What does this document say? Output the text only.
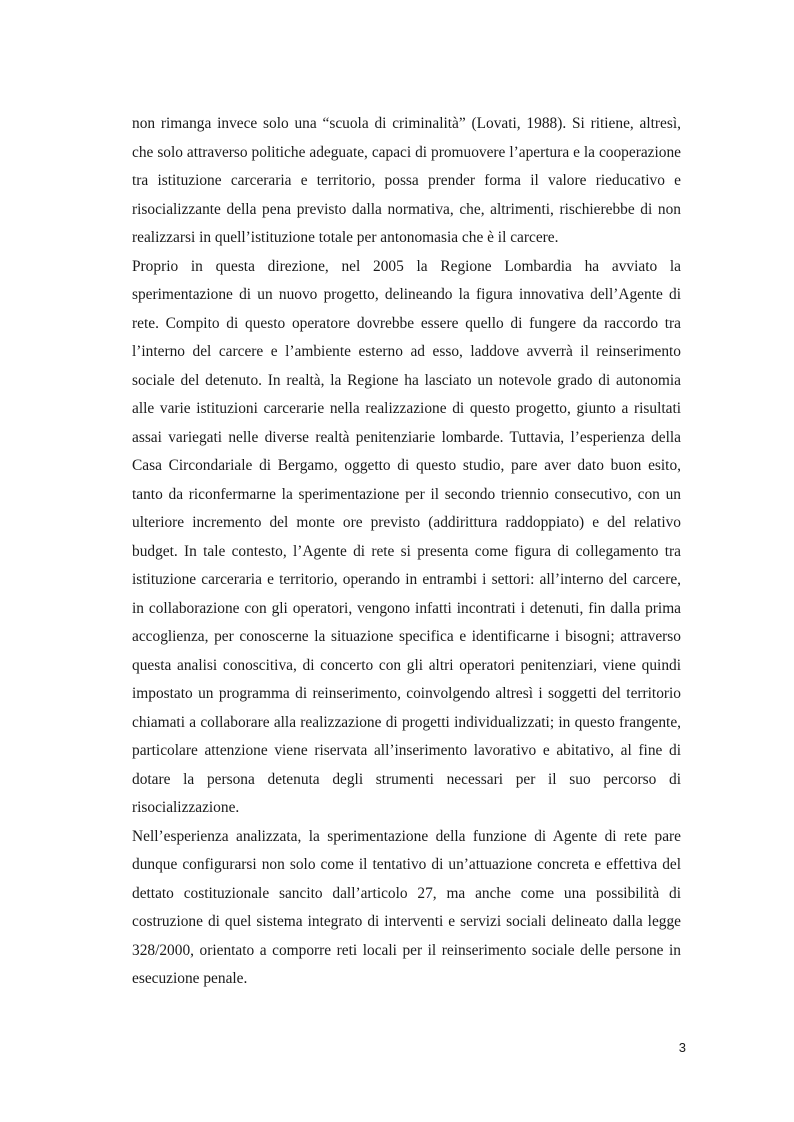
non rimanga invece solo una “scuola di criminalità” (Lovati, 1988). Si ritiene, altresì, che solo attraverso politiche adeguate, capaci di promuovere l’apertura e la cooperazione tra istituzione carceraria e territorio, possa prender forma il valore rieducativo e risocializzante della pena previsto dalla normativa, che, altrimenti, rischierebbe di non realizzarsi in quell’istituzione totale per antonomasia che è il carcere.

Proprio in questa direzione, nel 2005 la Regione Lombardia ha avviato la sperimentazione di un nuovo progetto, delineando la figura innovativa dell’Agente di rete. Compito di questo operatore dovrebbe essere quello di fungere da raccordo tra l’interno del carcere e l’ambiente esterno ad esso, laddove avverrà il reinserimento sociale del detenuto. In realtà, la Regione ha lasciato un notevole grado di autonomia alle varie istituzioni carcerarie nella realizzazione di questo progetto, giunto a risultati assai variegati nelle diverse realtà penitenziarie lombarde. Tuttavia, l’esperienza della Casa Circondariale di Bergamo, oggetto di questo studio, pare aver dato buon esito, tanto da riconfermarne la sperimentazione per il secondo triennio consecutivo, con un ulteriore incremento del monte ore previsto (addirittura raddoppiato) e del relativo budget. In tale contesto, l’Agente di rete si presenta come figura di collegamento tra istituzione carceraria e territorio, operando in entrambi i settori: all’interno del carcere, in collaborazione con gli operatori, vengono infatti incontrati i detenuti, fin dalla prima accoglienza, per conoscerne la situazione specifica e identificarne i bisogni; attraverso questa analisi conoscitiva, di concerto con gli altri operatori penitenziari, viene quindi impostato un programma di reinserimento, coinvolgendo altresì i soggetti del territorio chiamati a collaborare alla realizzazione di progetti individualizzati; in questo frangente, particolare attenzione viene riservata all’inserimento lavorativo e abitativo, al fine di dotare la persona detenuta degli strumenti necessari per il suo percorso di risocializzazione.

Nell’esperienza analizzata, la sperimentazione della funzione di Agente di rete pare dunque configurarsi non solo come il tentativo di un’attuazione concreta e effettiva del dettato costituzionale sancito dall’articolo 27, ma anche come una possibilità di costruzione di quel sistema integrato di interventi e servizi sociali delineato dalla legge 328/2000, orientato a comporre reti locali per il reinserimento sociale delle persone in esecuzione penale.

3
